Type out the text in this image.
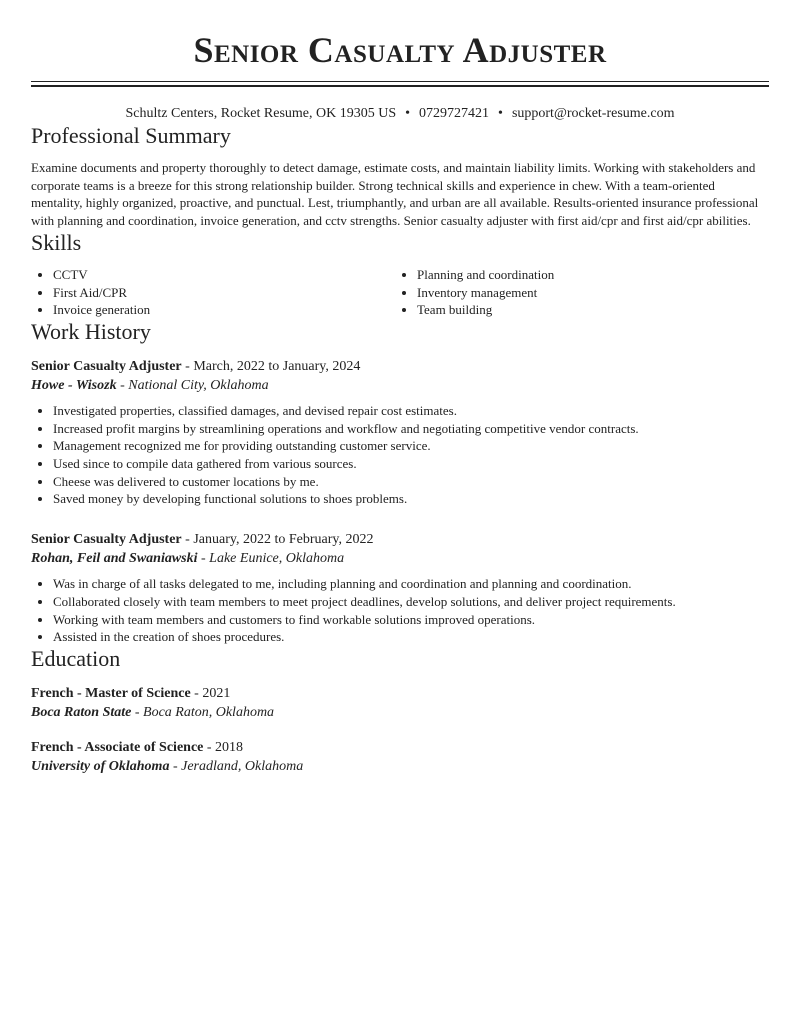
Senior Casualty Adjuster
Schultz Centers, Rocket Resume, OK 19305 US • 0729727421 • support@rocket-resume.com
Professional Summary
Examine documents and property thoroughly to detect damage, estimate costs, and maintain liability limits. Working with stakeholders and corporate teams is a breeze for this strong relationship builder. Strong technical skills and experience in chew. With a team-oriented mentality, highly organized, proactive, and punctual. Lest, triumphantly, and urban are all available. Results-oriented insurance professional with planning and coordination, invoice generation, and cctv strengths. Senior casualty adjuster with first aid/cpr and first aid/cpr abilities.
Skills
• CCTV
• First Aid/CPR
• Invoice generation
• Planning and coordination
• Inventory management
• Team building
Work History
Senior Casualty Adjuster - March, 2022 to January, 2024
Howe - Wisozk - National City, Oklahoma
• Investigated properties, classified damages, and devised repair cost estimates.
• Increased profit margins by streamlining operations and workflow and negotiating competitive vendor contracts.
• Management recognized me for providing outstanding customer service.
• Used since to compile data gathered from various sources.
• Cheese was delivered to customer locations by me.
• Saved money by developing functional solutions to shoes problems.
Senior Casualty Adjuster - January, 2022 to February, 2022
Rohan, Feil and Swaniawski - Lake Eunice, Oklahoma
• Was in charge of all tasks delegated to me, including planning and coordination and planning and coordination.
• Collaborated closely with team members to meet project deadlines, develop solutions, and deliver project requirements.
• Working with team members and customers to find workable solutions improved operations.
• Assisted in the creation of shoes procedures.
Education
French - Master of Science - 2021
Boca Raton State - Boca Raton, Oklahoma
French - Associate of Science - 2018
University of Oklahoma - Jeradland, Oklahoma
